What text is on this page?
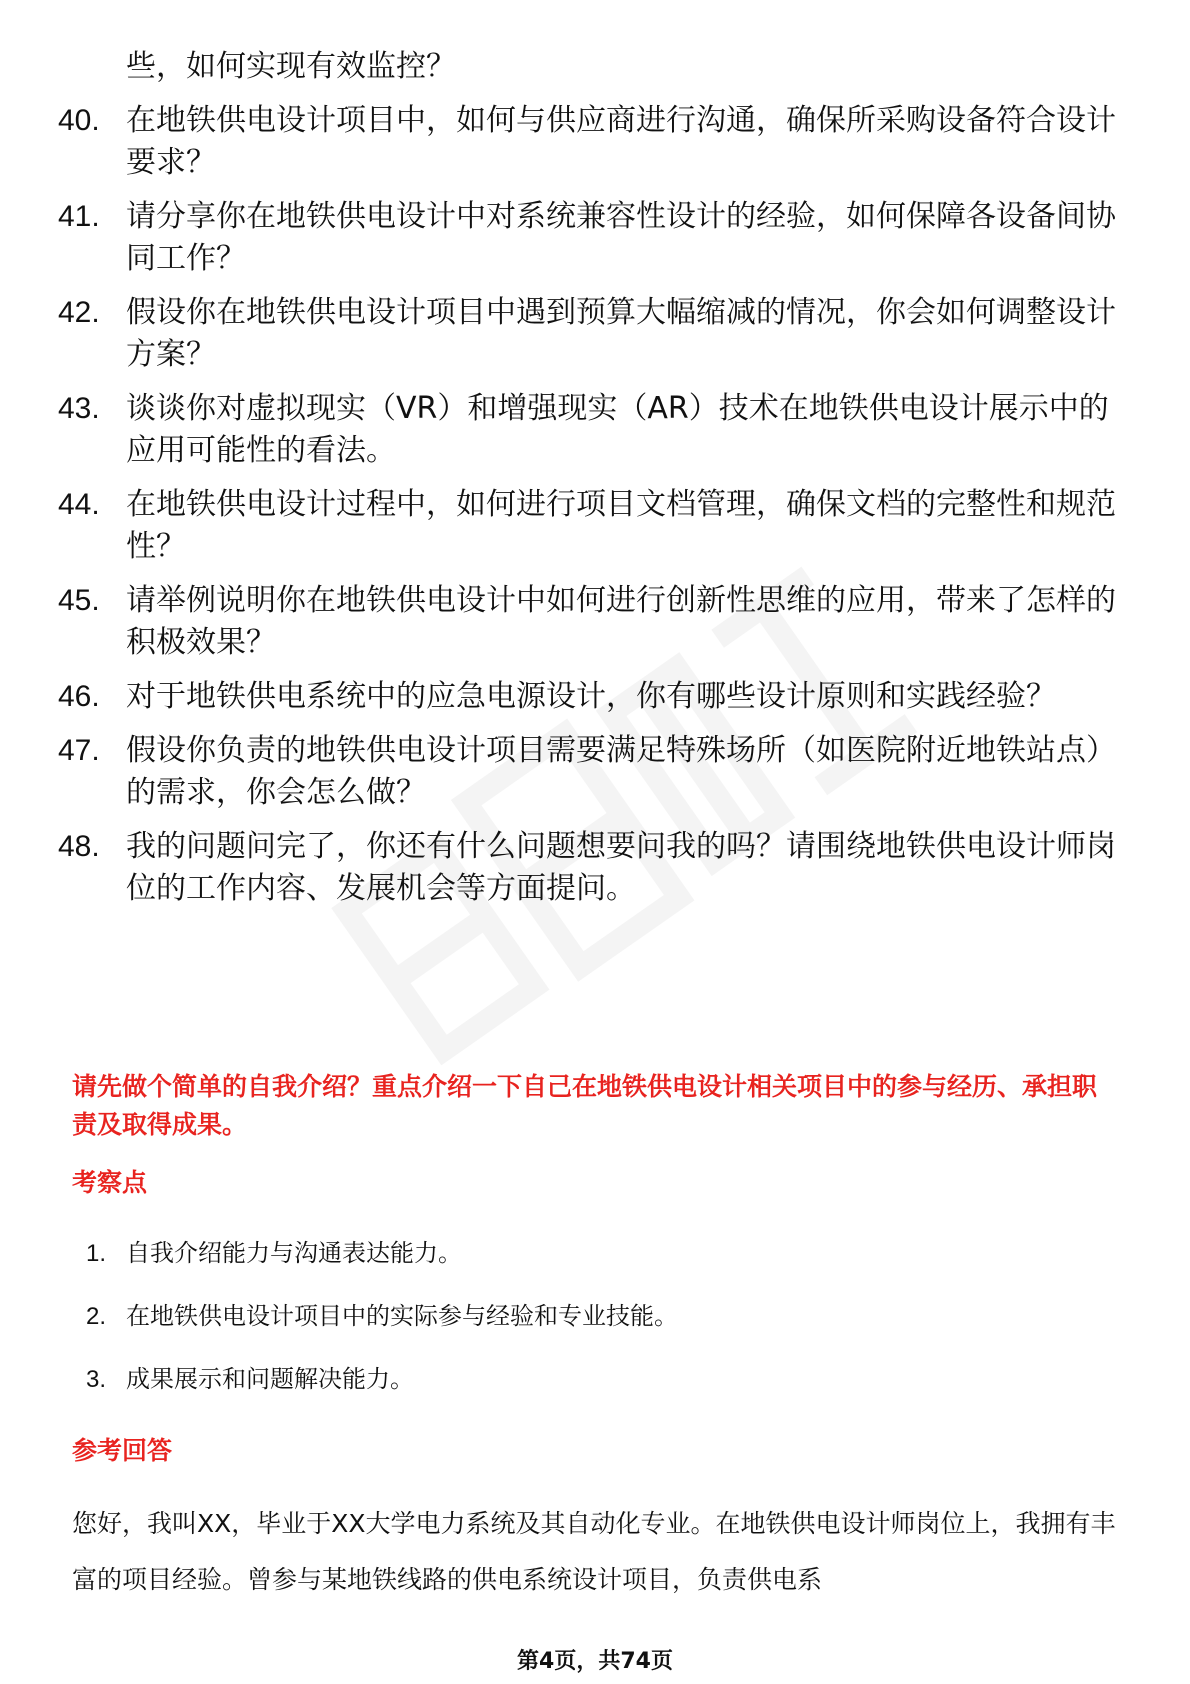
些，如何实现有效监控？
40. 在地铁供电设计项目中，如何与供应商进行沟通，确保所采购设备符合设计要求？
41. 请分享你在地铁供电设计中对系统兼容性设计的经验，如何保障各设备间协同工作？
42. 假设你在地铁供电设计项目中遇到预算大幅缩减的情况，你会如何调整设计方案？
43. 谈谈你对虚拟现实（VR）和增强现实（AR）技术在地铁供电设计展示中的应用可能性的看法。
44. 在地铁供电设计过程中，如何进行项目文档管理，确保文档的完整性和规范性？
45. 请举例说明你在地铁供电设计中如何进行创新性思维的应用，带来了怎样的积极效果？
46. 对于地铁供电系统中的应急电源设计，你有哪些设计原则和实践经验？
47. 假设你负责的地铁供电设计项目需要满足特殊场所（如医院附近地铁站点）的需求，你会怎么做？
48. 我的问题问完了，你还有什么问题想要问我的吗？请围绕地铁供电设计师岗位的工作内容、发展机会等方面提问。
请先做个简单的自我介绍？重点介绍一下自己在地铁供电设计相关项目中的参与经历、承担职责及取得成果。
考察点
1. 自我介绍能力与沟通表达能力。
2. 在地铁供电设计项目中的实际参与经验和专业技能。
3. 成果展示和问题解决能力。
参考回答

您好，我叫XX，毕业于XX大学电力系统及其自动化专业。在地铁供电设计师岗位上，我拥有丰富的项目经验。曾参与某地铁线路的供电系统设计项目，负责供电系

第4页，共74页
